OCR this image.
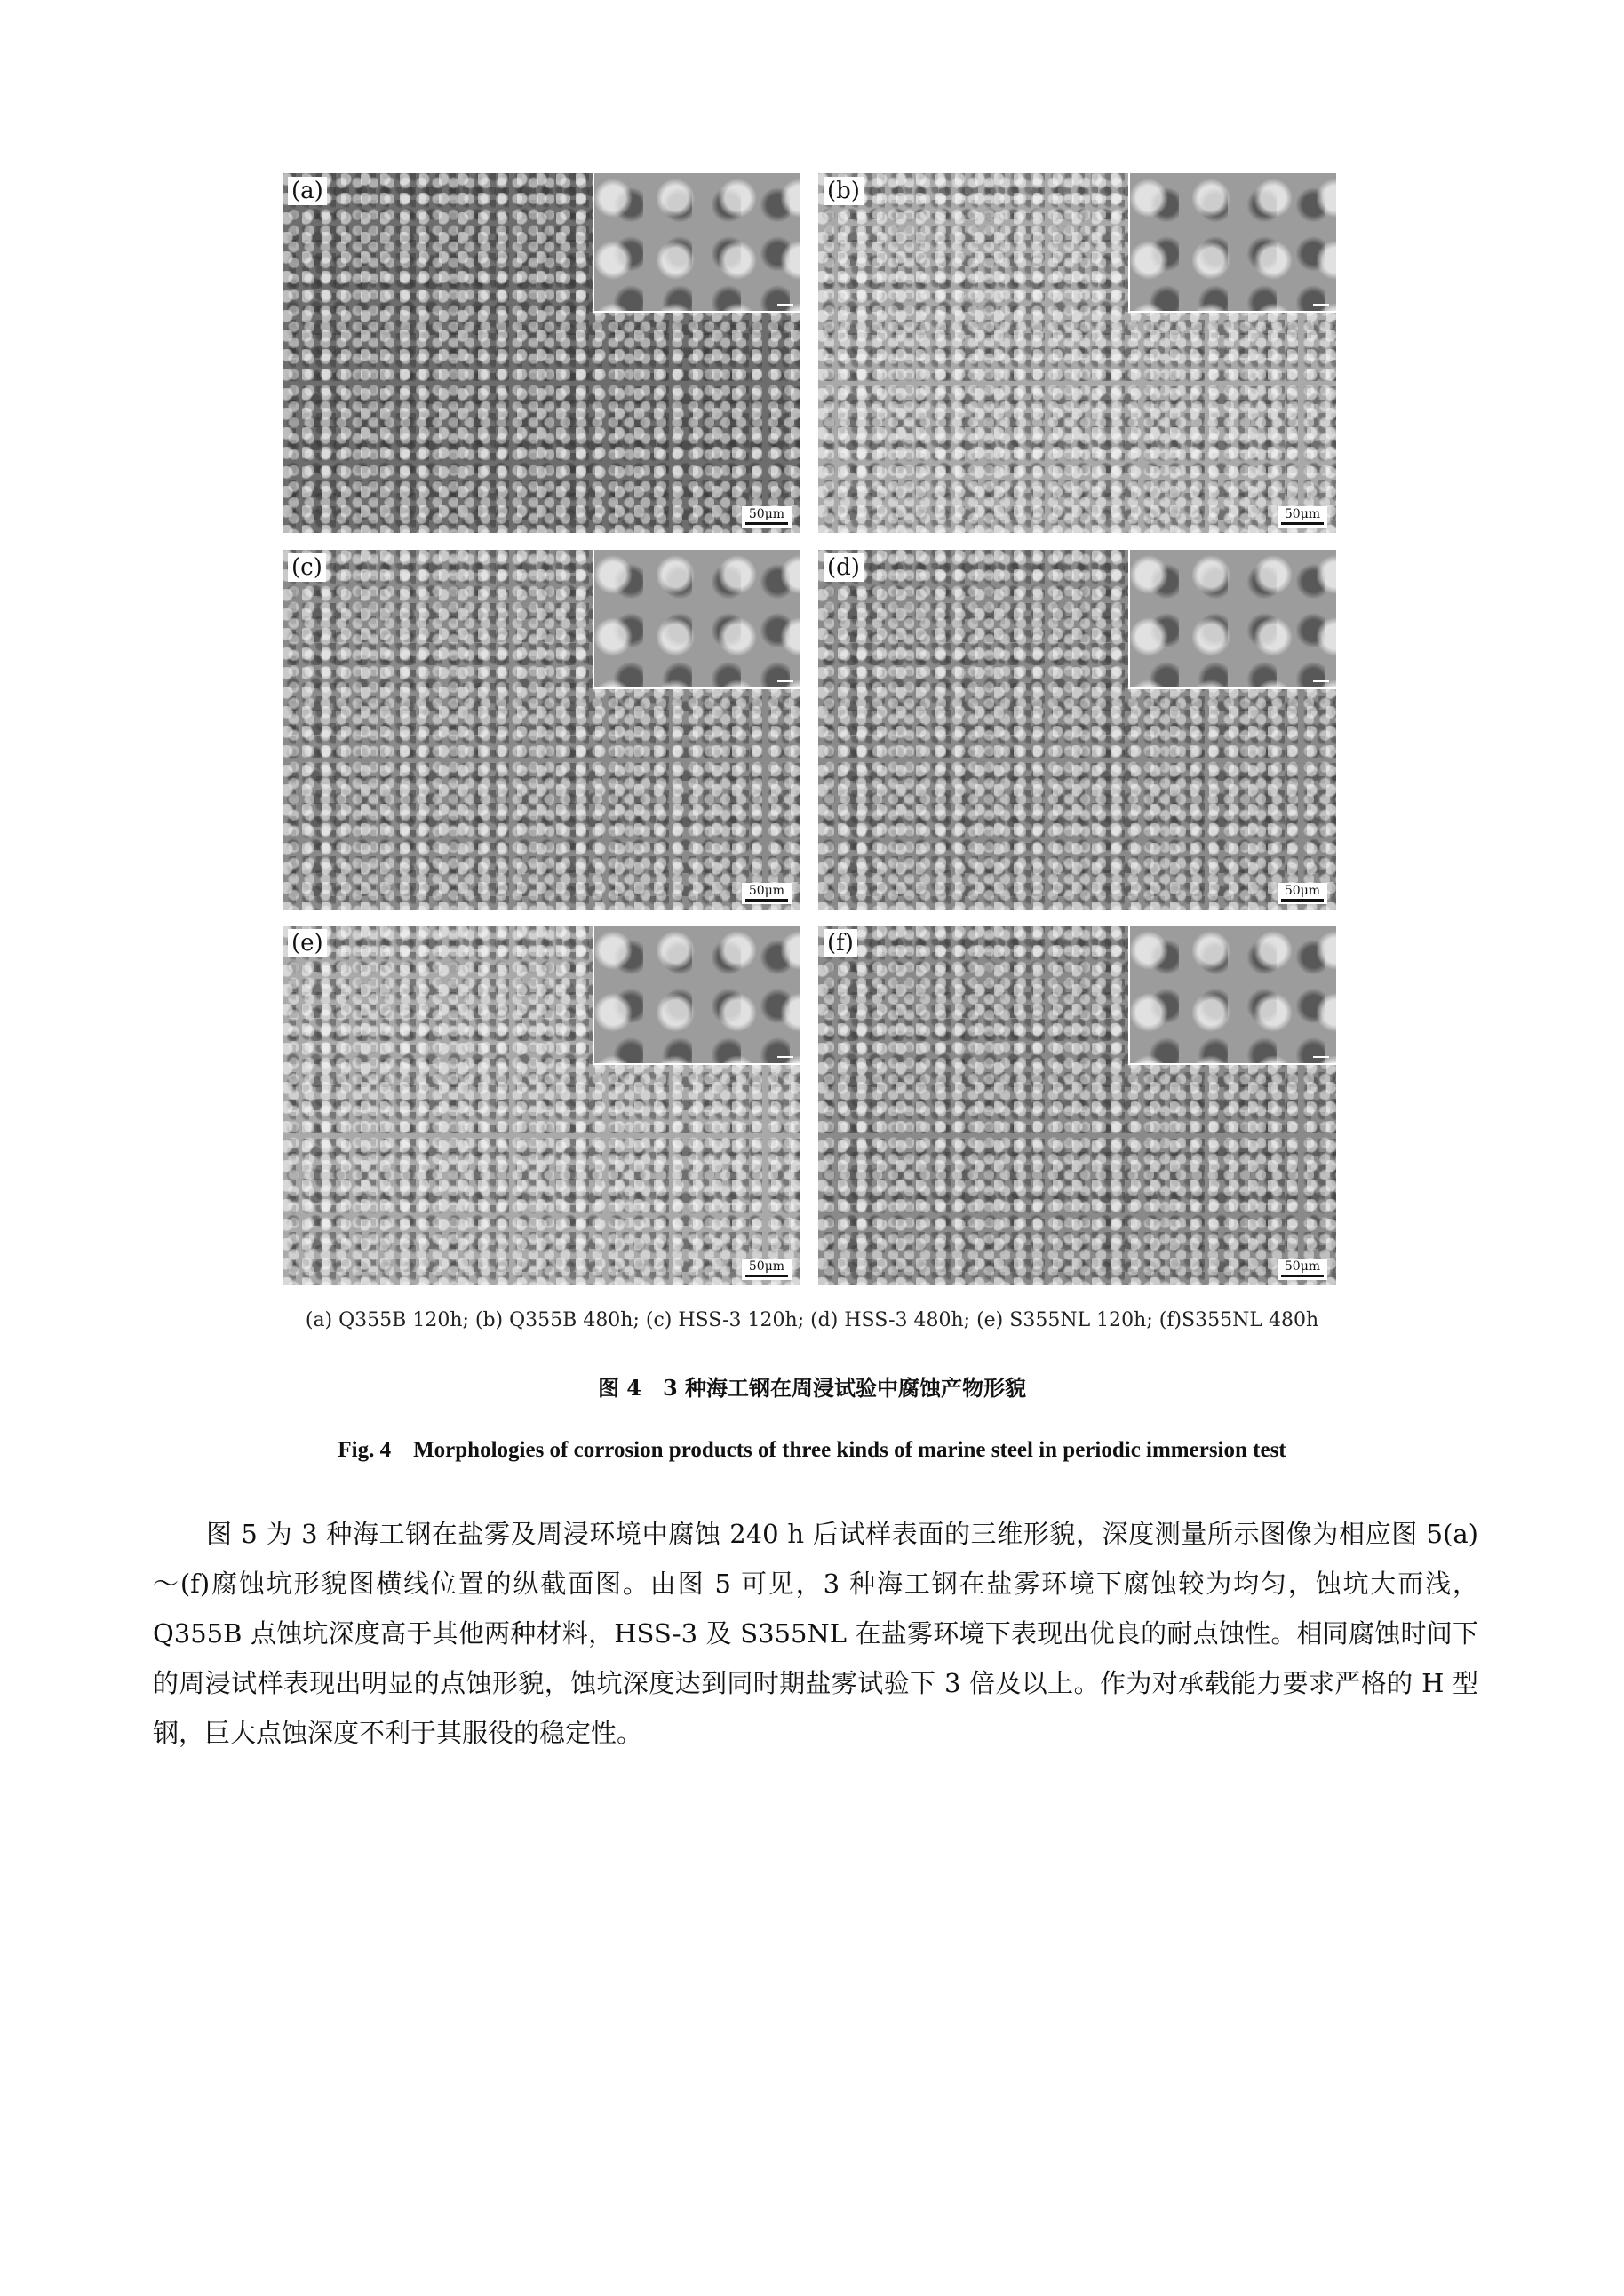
(a)
50μm
(b)
50μm
(c)
50μm
(d)
50μm
(e)
50μm
(f)
50μm
(a) Q355B 120h; (b) Q355B 480h; (c) HSS-3 120h; (d) HSS-3 480h; (e) S355NL 120h; (f)S355NL 480h
图 4　3 种海工钢在周浸试验中腐蚀产物形貌
Fig. 4　Morphologies of corrosion products of three kinds of marine steel in periodic immersion test

图 5 为 3 种海工钢在盐雾及周浸环境中腐蚀 240 h 后试样表面的三维形貌，深度测量所示图像为相应图 5(a)～(f)腐蚀坑形貌图横线位置的纵截面图。由图 5 可见，3 种海工钢在盐雾环境下腐蚀较为均匀，蚀坑大而浅，Q355B 点蚀坑深度高于其他两种材料，HSS-3 及 S355NL 在盐雾环境下表现出优良的耐点蚀性。相同腐蚀时间下的周浸试样表现出明显的点蚀形貌，蚀坑深度达到同时期盐雾试验下 3 倍及以上。作为对承载能力要求严格的 H 型钢，巨大点蚀深度不利于其服役的稳定性。
